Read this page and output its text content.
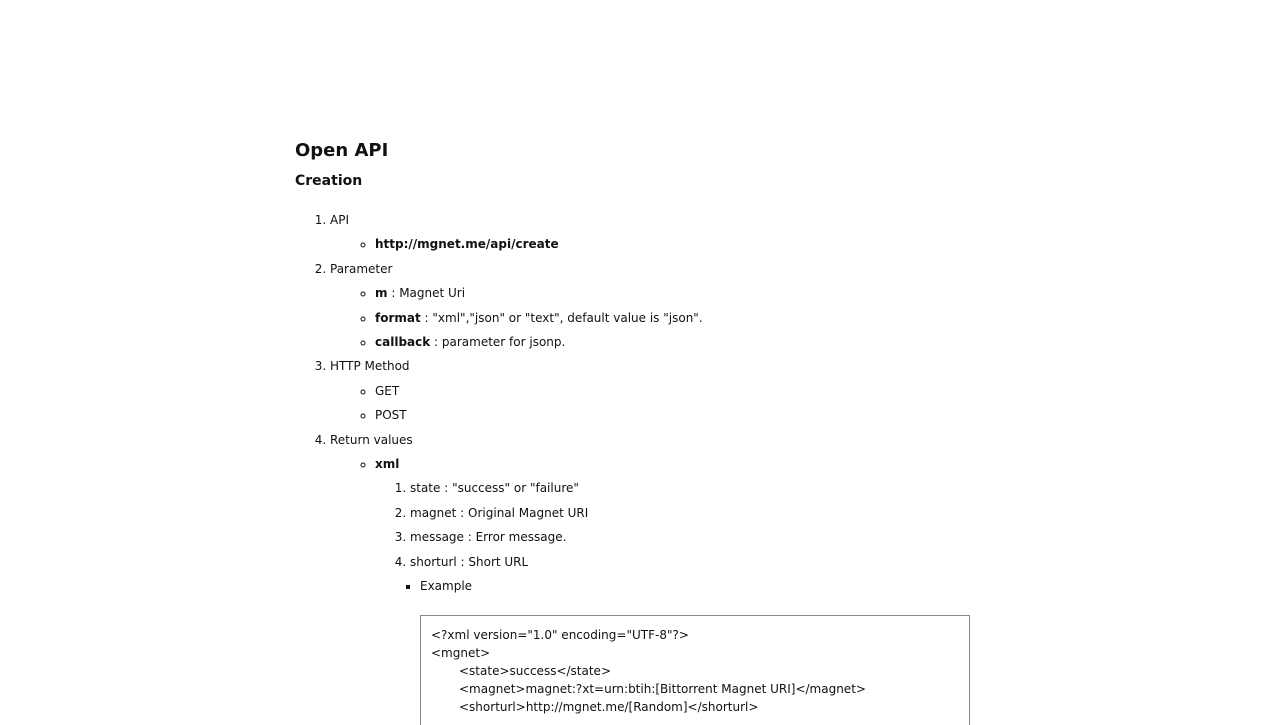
Open API
Creation
1. API
◦ http://mgnet.me/api/create
2. Parameter
◦ m : Magnet Uri
◦ format : "xml","json" or "text", default value is "json".
◦ callback : parameter for jsonp.
3. HTTP Method
◦ GET
◦ POST
4. Return values
◦ xml
1. state : "success" or "failure"
2. magnet : Original Magnet URI
3. message : Error message.
4. shorturl : Short URL
▪ Example
<?xml version="1.0" encoding="UTF-8"?>
<mgnet>
<state>success</state>
<magnet>magnet:?xt=urn:btih:[Bittorrent Magnet URI]</magnet>
<shorturl>http://mgnet.me/[Random]</shorturl>
